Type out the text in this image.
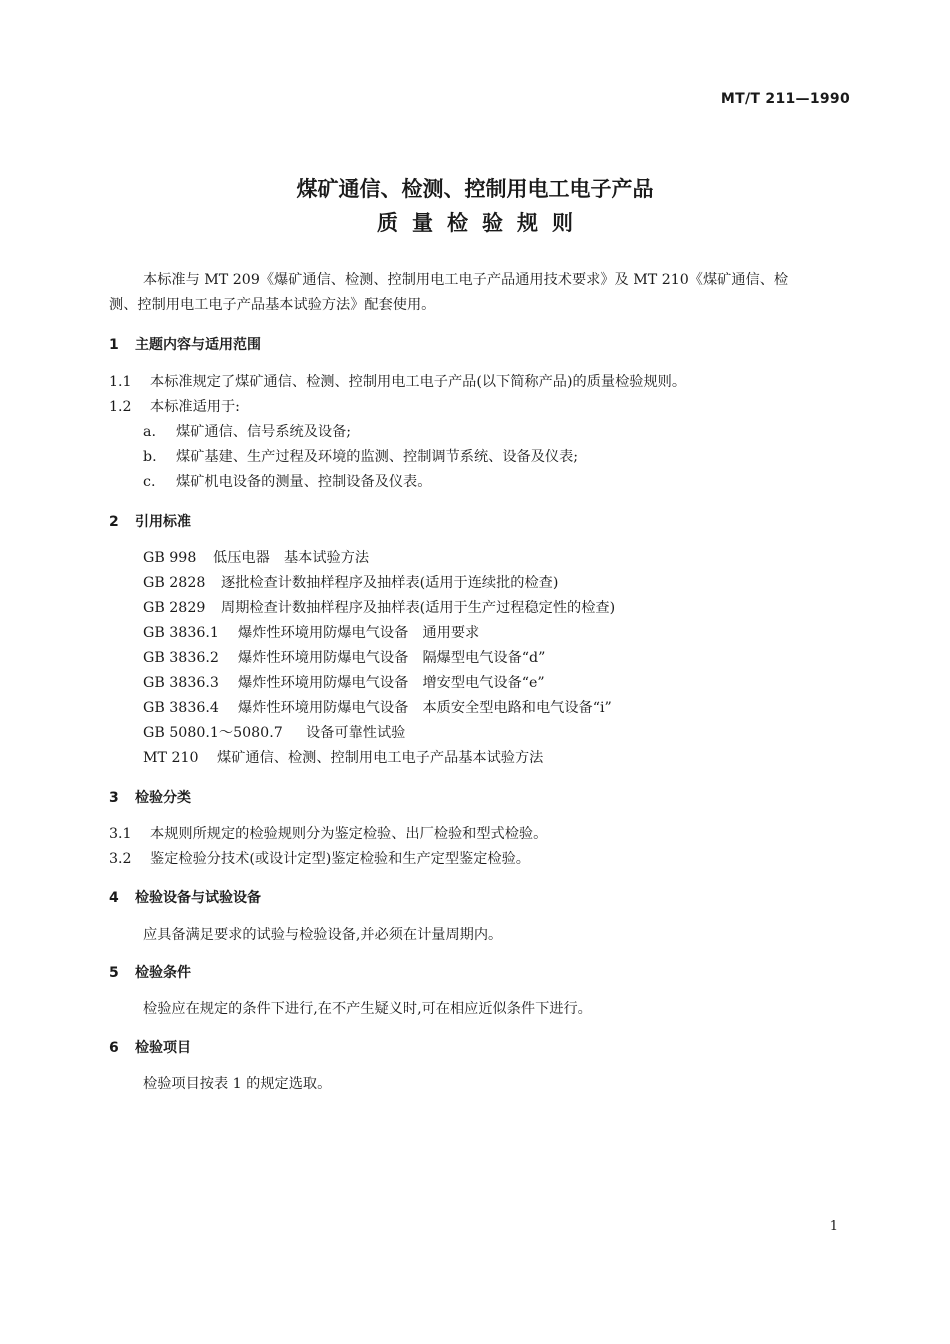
MT/T 211—1990
煤矿通信、检测、控制用电工电子产品
质量检验规则
本标准与 MT 209《爆矿通信、检测、控制用电工电子产品通用技术要求》及 MT 210《煤矿通信、检
测、控制用电工电子产品基本试验方法》配套使用。
1 主题内容与适用范围
1.1 本标准规定了煤矿通信、检测、控制用电工电子产品(以下简称产品)的质量检验规则。
1.2 本标准适用于:
a. 煤矿通信、信号系统及设备;
b. 煤矿基建、生产过程及环境的监测、控制调节系统、设备及仪表;
c. 煤矿机电设备的测量、控制设备及仪表。
2 引用标准
GB 998 低压电器　基本试验方法
GB 2828 逐批检查计数抽样程序及抽样表(适用于连续批的检查)
GB 2829 周期检查计数抽样程序及抽样表(适用于生产过程稳定性的检查)
GB 3836.1 爆炸性环境用防爆电气设备　通用要求
GB 3836.2 爆炸性环境用防爆电气设备　隔爆型电气设备“d”
GB 3836.3 爆炸性环境用防爆电气设备　增安型电气设备“e”
GB 3836.4 爆炸性环境用防爆电气设备　本质安全型电路和电气设备“i”
GB 5080.1～5080.7 设备可靠性试验
MT 210 煤矿通信、检测、控制用电工电子产品基本试验方法
3 检验分类
3.1 本规则所规定的检验规则分为鉴定检验、出厂检验和型式检验。
3.2 鉴定检验分技术(或设计定型)鉴定检验和生产定型鉴定检验。
4 检验设备与试验设备
应具备满足要求的试验与检验设备,并必须在计量周期内。
5 检验条件
检验应在规定的条件下进行,在不产生疑义时,可在相应近似条件下进行。
6 检验项目
检验项目按表 1 的规定选取。
1
